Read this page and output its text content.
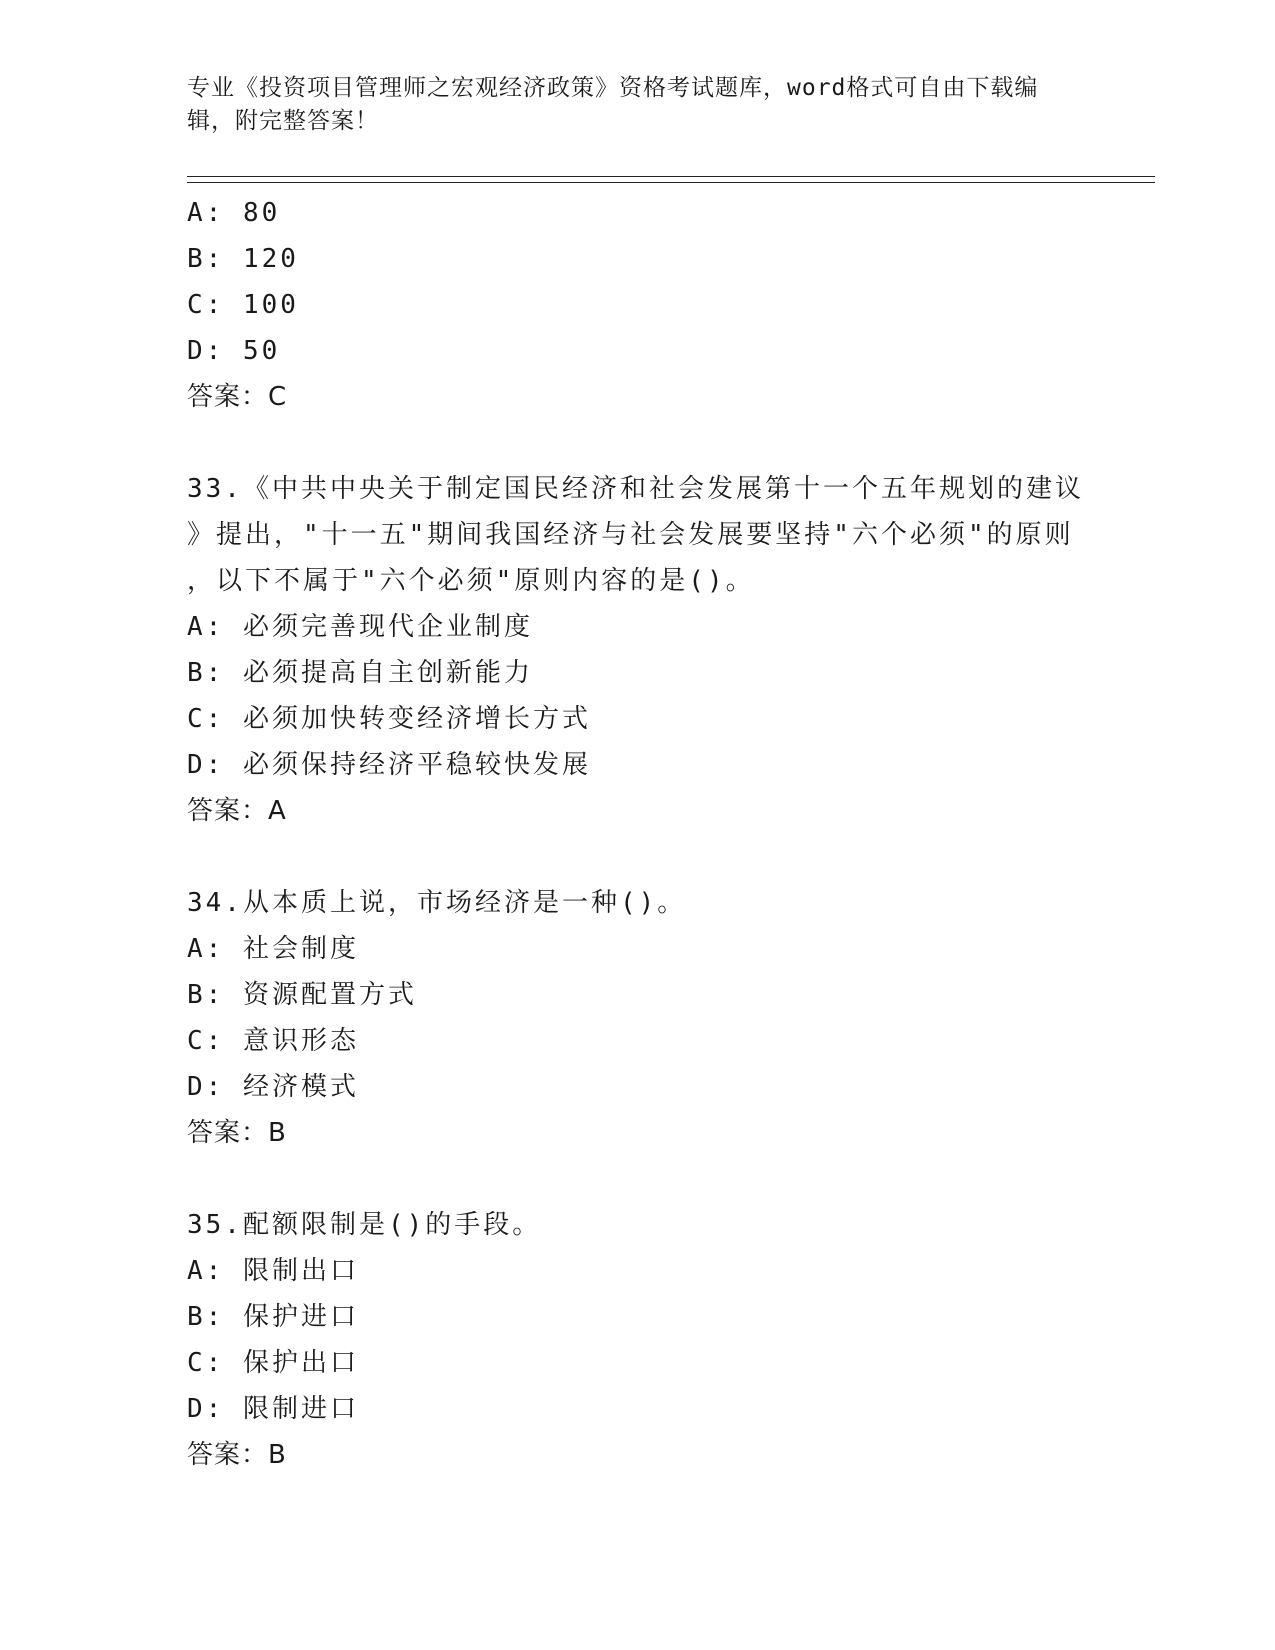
专业《投资项目管理师之宏观经济政策》资格考试题库，word格式可自由下载编
辑，附完整答案！
A: 80
B: 120
C: 100
D: 50
答案：C
33.《中共中央关于制定国民经济和社会发展第十一个五年规划的建议
》提出，"十一五"期间我国经济与社会发展要坚持"六个必须"的原则
，以下不属于"六个必须"原则内容的是()。
A: 必须完善现代企业制度
B: 必须提高自主创新能力
C: 必须加快转变经济增长方式
D: 必须保持经济平稳较快发展
答案：A
34.从本质上说，市场经济是一种()。
A: 社会制度
B: 资源配置方式
C: 意识形态
D: 经济模式
答案：B
35.配额限制是()的手段。
A: 限制出口
B: 保护进口
C: 保护出口
D: 限制进口
答案：B
